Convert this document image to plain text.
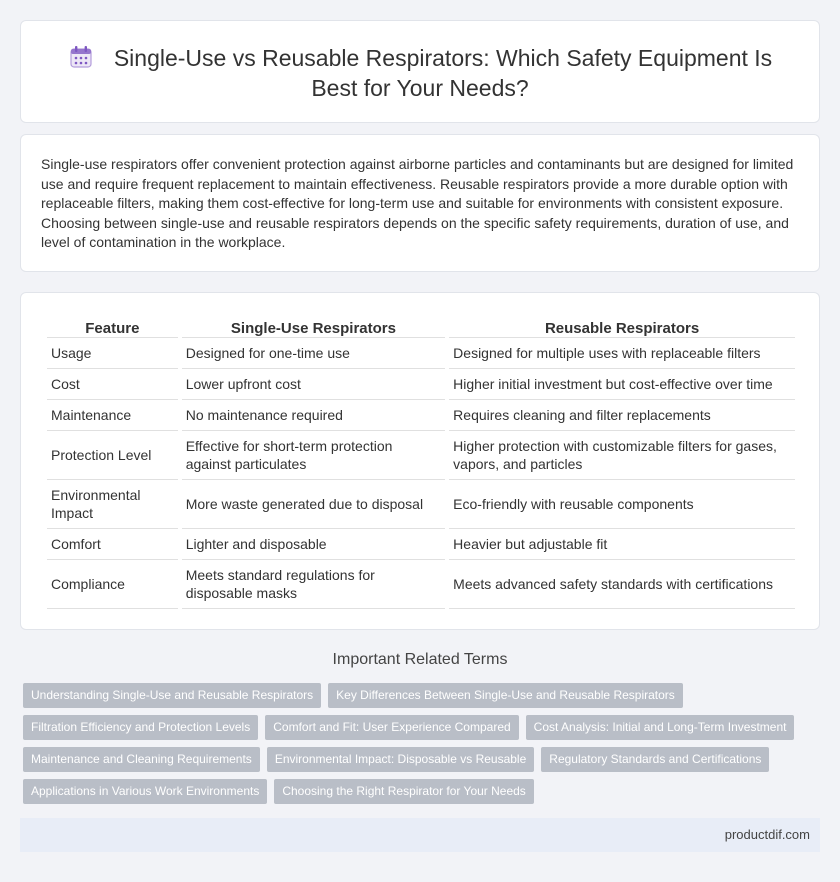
Single-Use vs Reusable Respirators: Which Safety Equipment Is Best for Your Needs?

Single-use respirators offer convenient protection against airborne particles and contaminants but are designed for limited use and require frequent replacement to maintain effectiveness. Reusable respirators provide a more durable option with replaceable filters, making them cost-effective for long-term use and suitable for environments with consistent exposure. Choosing between single-use and reusable respirators depends on the specific safety requirements, duration of use, and level of contamination in the workplace.

Feature	Single-Use Respirators	Reusable Respirators
Usage	Designed for one-time use	Designed for multiple uses with replaceable filters
Cost	Lower upfront cost	Higher initial investment but cost-effective over time
Maintenance	No maintenance required	Requires cleaning and filter replacements
Protection Level	Effective for short-term protection against particulates	Higher protection with customizable filters for gases, vapors, and particles
Environmental Impact	More waste generated due to disposal	Eco-friendly with reusable components
Comfort	Lighter and disposable	Heavier but adjustable fit
Compliance	Meets standard regulations for disposable masks	Meets advanced safety standards with certifications
Important Related Terms
Understanding Single-Use and Reusable Respirators	Key Differences Between Single-Use and Reusable Respirators
Filtration Efficiency and Protection Levels	Comfort and Fit: User Experience Compared	Cost Analysis: Initial and Long-Term Investment
Maintenance and Cleaning Requirements	Environmental Impact: Disposable vs Reusable	Regulatory Standards and Certifications
Applications in Various Work Environments	Choosing the Right Respirator for Your Needs
productdif.com
